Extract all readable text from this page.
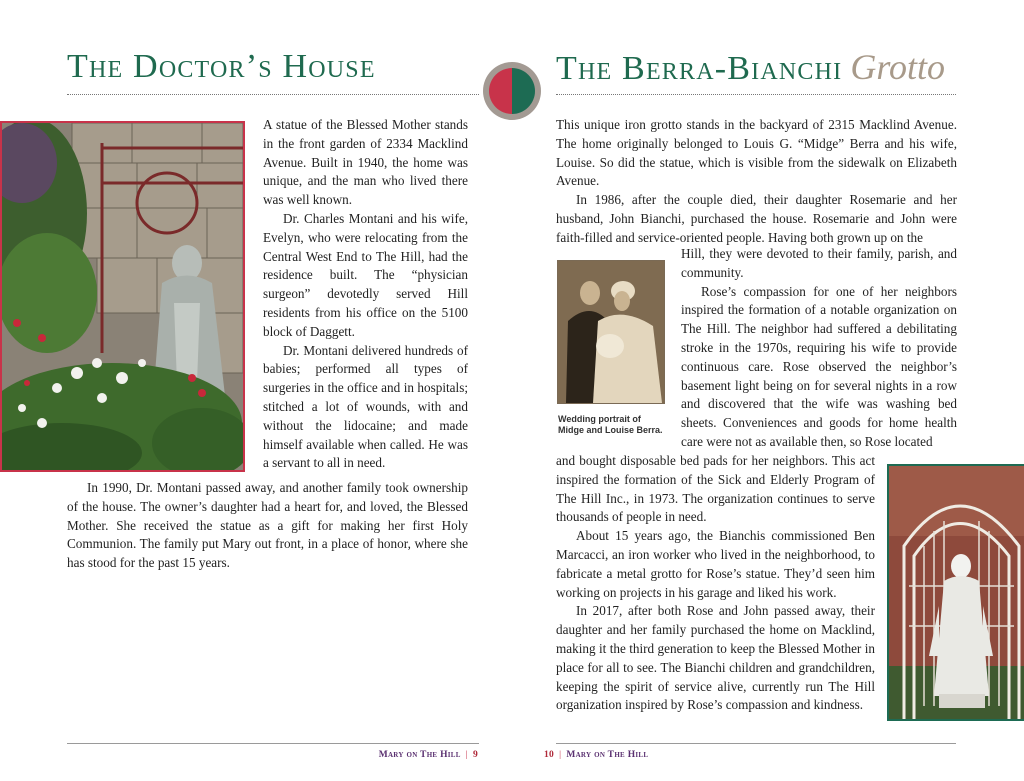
The Doctor’s House

A statue of the Blessed Mother stands in the front garden of 2334 Macklind Avenue. Built in 1940, the home was unique, and the man who lived there was well known.

Dr. Charles Montani and his wife, Evelyn, who were relocating from the Central West End to The Hill, had the residence built. The “physician surgeon” devotedly served Hill residents from his office on the 5100 block of Daggett.

Dr. Montani delivered hundreds of babies; performed all types of surgeries in the office and in hospitals; stitched a lot of wounds, with and without the lidocaine; and made himself available when called. He was a servant to all in need.

In 1990, Dr. Montani passed away, and another family took ownership of the house. The owner’s daughter had a heart for, and loved, the Blessed Mother. She received the statue as a gift for making her first Holy Communion. The family put Mary out front, in a place of honor, where she has stood for the past 15 years.

Mary on The Hill | 9
The Berra-Bianchi Grotto

This unique iron grotto stands in the backyard of 2315 Macklind Avenue. The home originally belonged to Louis G. “Midge” Berra and his wife, Louise. So did the statue, which is visible from the sidewalk on Elizabeth Avenue.

In 1986, after the couple died, their daughter Rosemarie and her husband, John Bianchi, purchased the house. Rosemarie and John were faith-filled and service-oriented people. Having both grown up on the

Wedding portrait of Midge and Louise Berra.

Hill, they were devoted to their family, parish, and community.

Rose’s compassion for one of her neighbors inspired the formation of a notable organization on The Hill. The neighbor had suffered a debilitating stroke in the 1970s, requiring his wife to provide continuous care. Rose observed the neighbor’s basement light being on for several nights in a row and discovered that the wife was washing bed sheets. Conveniences and goods for home health care were not as available then, so Rose located

and bought disposable bed pads for her neighbors. This act inspired the formation of the Sick and Elderly Program of The Hill Inc., in 1973. The organization continues to serve thousands of people in need.

About 15 years ago, the Bianchis commissioned Ben Marcacci, an iron worker who lived in the neighborhood, to fabricate a metal grotto for Rose’s statue. They’d seen him working on projects in his garage and liked his work.

In 2017, after both Rose and John passed away, their daughter and her family purchased the home on Macklind, making it the third generation to keep the Blessed Mother in place for all to see. The Bianchi children and grandchildren, keeping the spirit of service alive, currently run The Hill organization inspired by Rose’s compassion and kindness.

10 | Mary on The Hill
